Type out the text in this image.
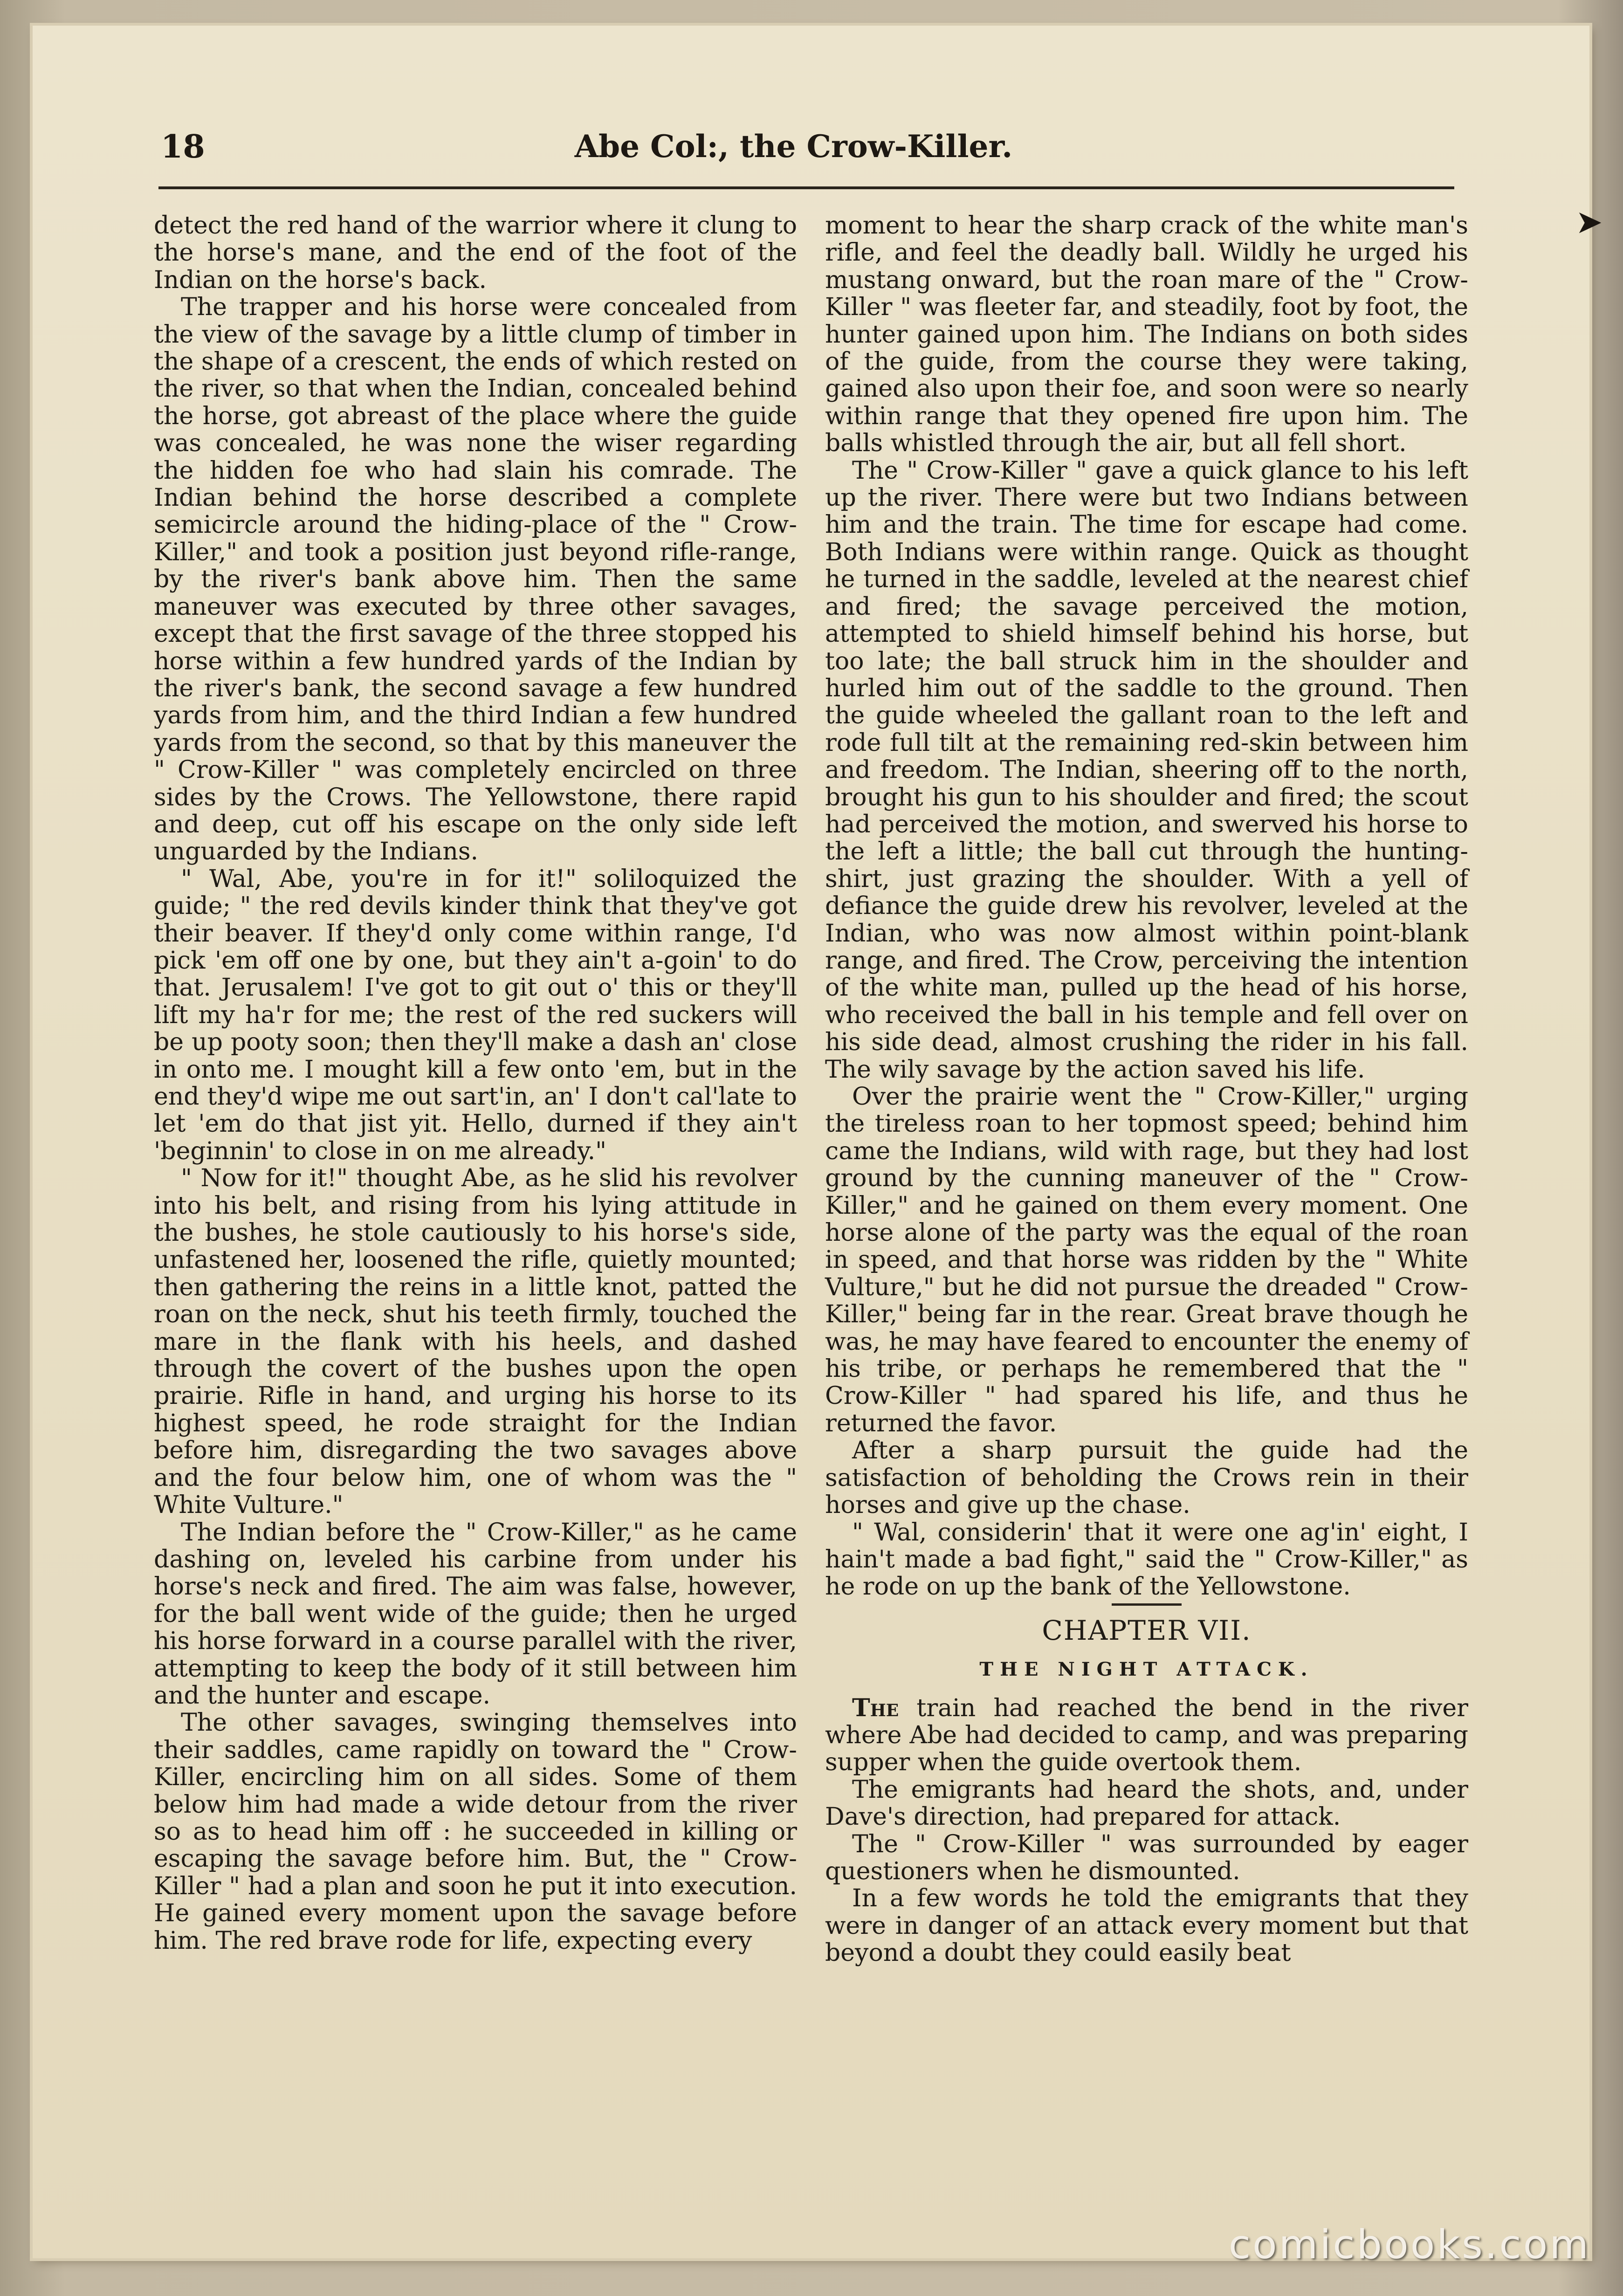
18	Abe Col:, the Crow-Killer.

detect the red hand of the warrior where it clung to the horse's mane, and the end of the foot of the Indian on the horse's back.

The trapper and his horse were concealed from the view of the savage by a little clump of timber in the shape of a crescent, the ends of which rested on the river, so that when the Indian, concealed behind the horse, got abreast of the place where the guide was concealed, he was none the wiser regarding the hidden foe who had slain his comrade. The Indian behind the horse described a complete semicircle around the hiding-place of the " Crow-Killer," and took a position just beyond rifle-range, by the river's bank above him. Then the same maneuver was executed by three other savages, except that the first savage of the three stopped his horse within a few hundred yards of the Indian by the river's bank, the second savage a few hundred yards from him, and the third Indian a few hundred yards from the second, so that by this maneuver the " Crow-Killer " was completely encircled on three sides by the Crows. The Yellowstone, there rapid and deep, cut off his escape on the only side left unguarded by the Indians.

" Wal, Abe, you're in for it!" soliloquized the guide; " the red devils kinder think that they've got their beaver. If they'd only come within range, I'd pick 'em off one by one, but they ain't a-goin' to do that. Jerusalem! I've got to git out o' this or they'll lift my ha'r for me; the rest of the red suckers will be up pooty soon; then they'll make a dash an' close in onto me. I mought kill a few onto 'em, but in the end they'd wipe me out sart'in, an' I don't cal'late to let 'em do that jist yit. Hello, durned if they ain't 'beginnin' to close in on me already."

" Now for it!" thought Abe, as he slid his revolver into his belt, and rising from his lying attitude in the bushes, he stole cautiously to his horse's side, unfastened her, loosened the rifle, quietly mounted; then gathering the reins in a little knot, patted the roan on the neck, shut his teeth firmly, touched the mare in the flank with his heels, and dashed through the covert of the bushes upon the open prairie. Rifle in hand, and urging his horse to its highest speed, he rode straight for the Indian before him, disregarding the two savages above and the four below him, one of whom was the " White Vulture."

The Indian before the " Crow-Killer," as he came dashing on, leveled his carbine from under his horse's neck and fired. The aim was false, however, for the ball went wide of the guide; then he urged his horse forward in a course parallel with the river, attempting to keep the body of it still between him and the hunter and escape.

The other savages, swinging themselves into their saddles, came rapidly on toward the " Crow-Killer, encircling him on all sides. Some of them below him had made a wide detour from the river so as to head him off : he succeeded in killing or escaping the savage before him. But, the " Crow-Killer " had a plan and soon he put it into execution. He gained every moment upon the savage before him. The red brave rode for life, expecting every

moment to hear the sharp crack of the white man's rifle, and feel the deadly ball. Wildly he urged his mustang onward, but the roan mare of the " Crow-Killer " was fleeter far, and steadily, foot by foot, the hunter gained upon him. The Indians on both sides of the guide, from the course they were taking, gained also upon their foe, and soon were so nearly within range that they opened fire upon him. The balls whistled through the air, but all fell short.

The " Crow-Killer " gave a quick glance to his left up the river. There were but two Indians between him and the train. The time for escape had come. Both Indians were within range. Quick as thought he turned in the saddle, leveled at the nearest chief and fired; the savage perceived the motion, attempted to shield himself behind his horse, but too late; the ball struck him in the shoulder and hurled him out of the saddle to the ground. Then the guide wheeled the gallant roan to the left and rode full tilt at the remaining red-skin between him and freedom. The Indian, sheering off to the north, brought his gun to his shoulder and fired; the scout had perceived the motion, and swerved his horse to the left a little; the ball cut through the hunting-shirt, just grazing the shoulder. With a yell of defiance the guide drew his revolver, leveled at the Indian, who was now almost within point-blank range, and fired. The Crow, perceiving the intention of the white man, pulled up the head of his horse, who received the ball in his temple and fell over on his side dead, almost crushing the rider in his fall. The wily savage by the action saved his life.

Over the prairie went the " Crow-Killer," urging the tireless roan to her topmost speed; behind him came the Indians, wild with rage, but they had lost ground by the cunning maneuver of the " Crow-Killer," and he gained on them every moment. One horse alone of the party was the equal of the roan in speed, and that horse was ridden by the " White Vulture," but he did not pursue the dreaded " Crow-Killer," being far in the rear. Great brave though he was, he may have feared to encounter the enemy of his tribe, or perhaps he remembered that the " Crow-Killer " had spared his life, and thus he returned the favor.

After a sharp pursuit the guide had the satisfaction of beholding the Crows rein in their horses and give up the chase.

" Wal, considerin' that it were one ag'in' eight, I hain't made a bad fight," said the " Crow-Killer," as he rode on up the bank of the Yellowstone.

CHAPTER VII.
THE NIGHT ATTACK.

The train had reached the bend in the river where Abe had decided to camp, and was preparing supper when the guide overtook them.

The emigrants had heard the shots, and, under Dave's direction, had prepared for attack.

The " Crow-Killer " was surrounded by eager questioners when he dismounted.

In a few words he told the emigrants that they were in danger of an attack every moment but that beyond a doubt they could easily beat

➤
comicbooks.com
